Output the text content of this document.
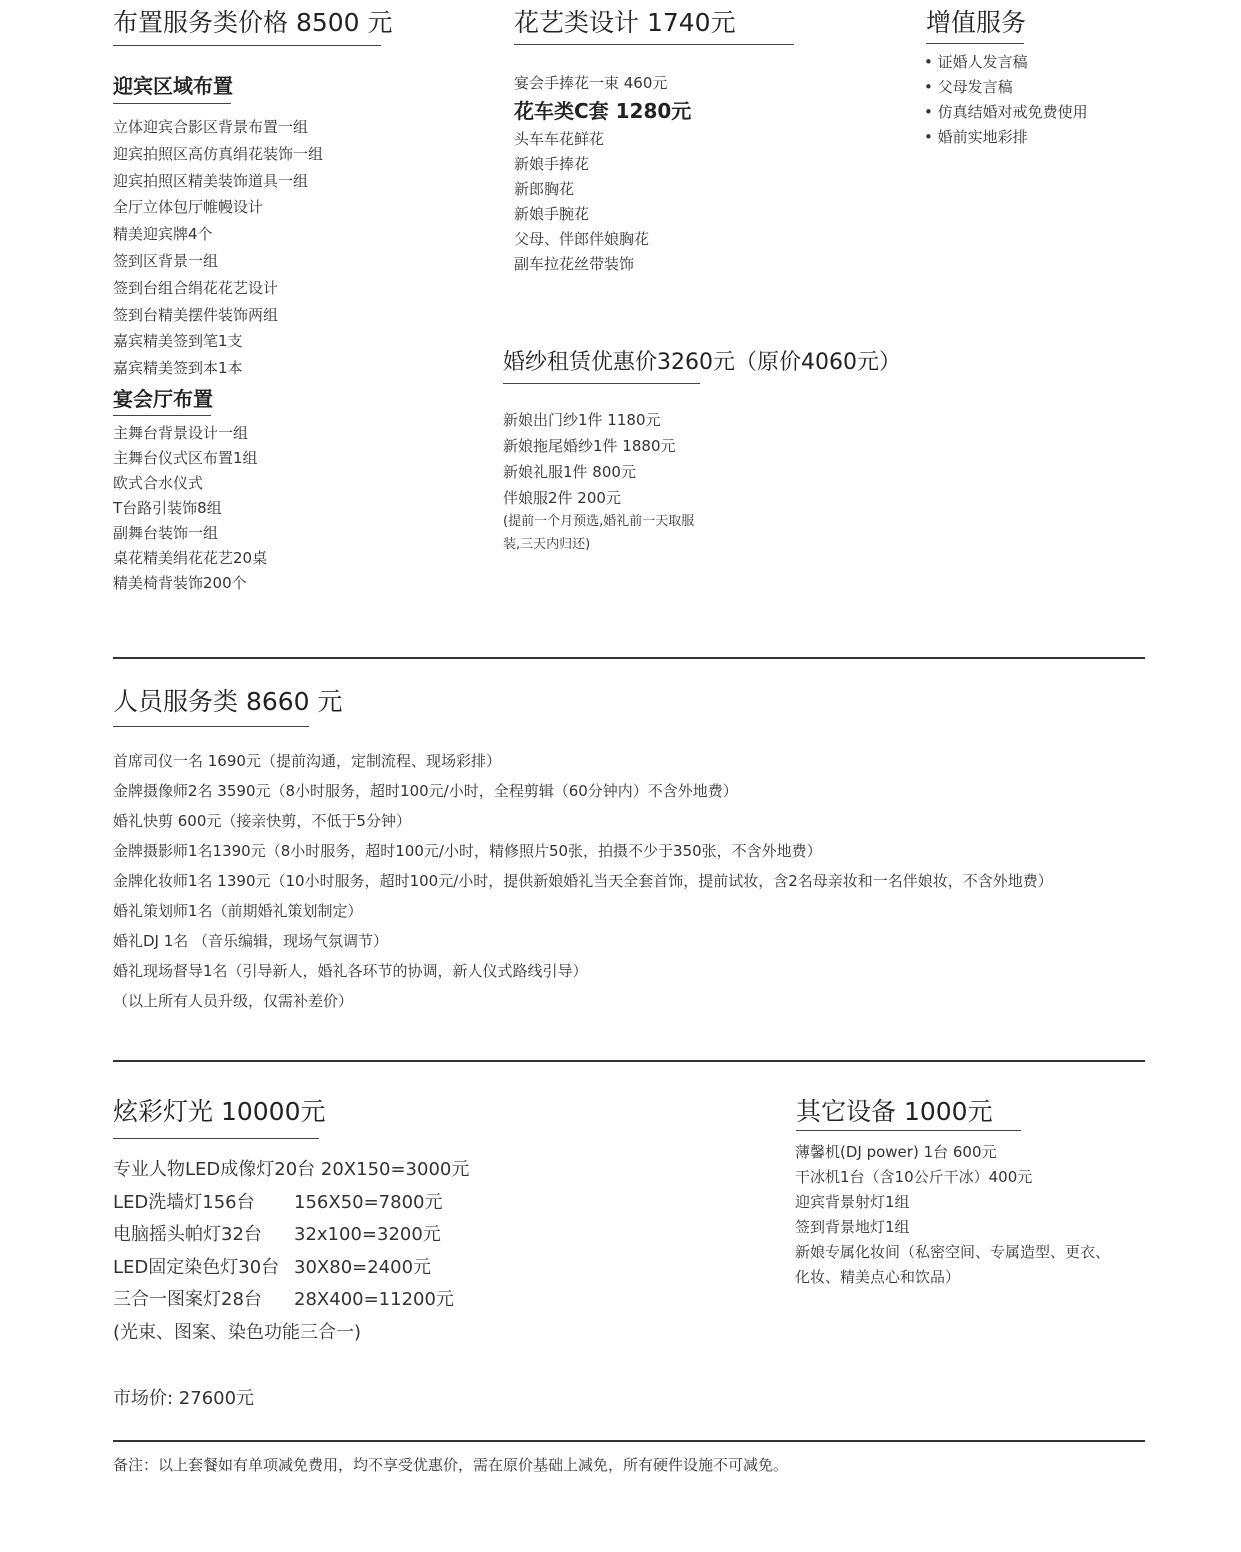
布置服务类价格 8500 元
迎宾区域布置
立体迎宾合影区背景布置一组
迎宾拍照区高仿真绢花装饰一组
迎宾拍照区精美装饰道具一组
全厅立体包厅帷幔设计
精美迎宾牌4个
签到区背景一组
签到台组合绢花花艺设计
签到台精美摆件装饰两组
嘉宾精美签到笔1支
嘉宾精美签到本1本
宴会厅布置
主舞台背景设计一组
主舞台仪式区布置1组
欧式合水仪式
T台路引装饰8组
副舞台装饰一组
桌花精美绢花花艺20桌
精美椅背装饰200个
花艺类设计 1740元
宴会手捧花一束 460元
花车类C套 1280元
头车车花鲜花
新娘手捧花
新郎胸花
新娘手腕花
父母、伴郎伴娘胸花
副车拉花丝带装饰
增值服务
• 证婚人发言稿
• 父母发言稿
• 仿真结婚对戒免费使用
• 婚前实地彩排
婚纱租赁优惠价3260元（原价4060元）
新娘出门纱1件 1180元
新娘拖尾婚纱1件 1880元
新娘礼服1件 800元
伴娘服2件 200元
(提前一个月预选,婚礼前一天取服
装,三天内归还)
人员服务类 8660 元
首席司仪一名 1690元（提前沟通，定制流程、现场彩排）
金牌摄像师2名 3590元（8小时服务，超时100元/小时，全程剪辑（60分钟内）不含外地费）
婚礼快剪 600元（接亲快剪，不低于5分钟）
金牌摄影师1名1390元（8小时服务，超时100元/小时，精修照片50张，拍摄不少于350张，不含外地费）
金牌化妆师1名 1390元（10小时服务，超时100元/小时，提供新娘婚礼当天全套首饰，提前试妆，含2名母亲妆和一名伴娘妆，不含外地费）
婚礼策划师1名（前期婚礼策划制定）
婚礼DJ 1名 （音乐编辑，现场气氛调节）
婚礼现场督导1名（引导新人，婚礼各环节的协调，新人仪式路线引导）
（以上所有人员升级，仅需补差价）
炫彩灯光 10000元
专业人物LED成像灯20台 20X150=3000元
LED洗墙灯156台 156X50=7800元
电脑摇头帕灯32台 32x100=3200元
LED固定染色灯30台 30X80=2400元
三合一图案灯28台 28X400=11200元
(光束、图案、染色功能三合一)
市场价: 27600元
其它设备 1000元
薄馨机(DJ power) 1台 600元
干冰机1台（含10公斤干冰）400元
迎宾背景射灯1组
签到背景地灯1组
新娘专属化妆间（私密空间、专属造型、更衣、
化妆、精美点心和饮品）
备注：以上套餐如有单项减免费用，均不享受优惠价，需在原价基础上减免，所有硬件设施不可减免。
